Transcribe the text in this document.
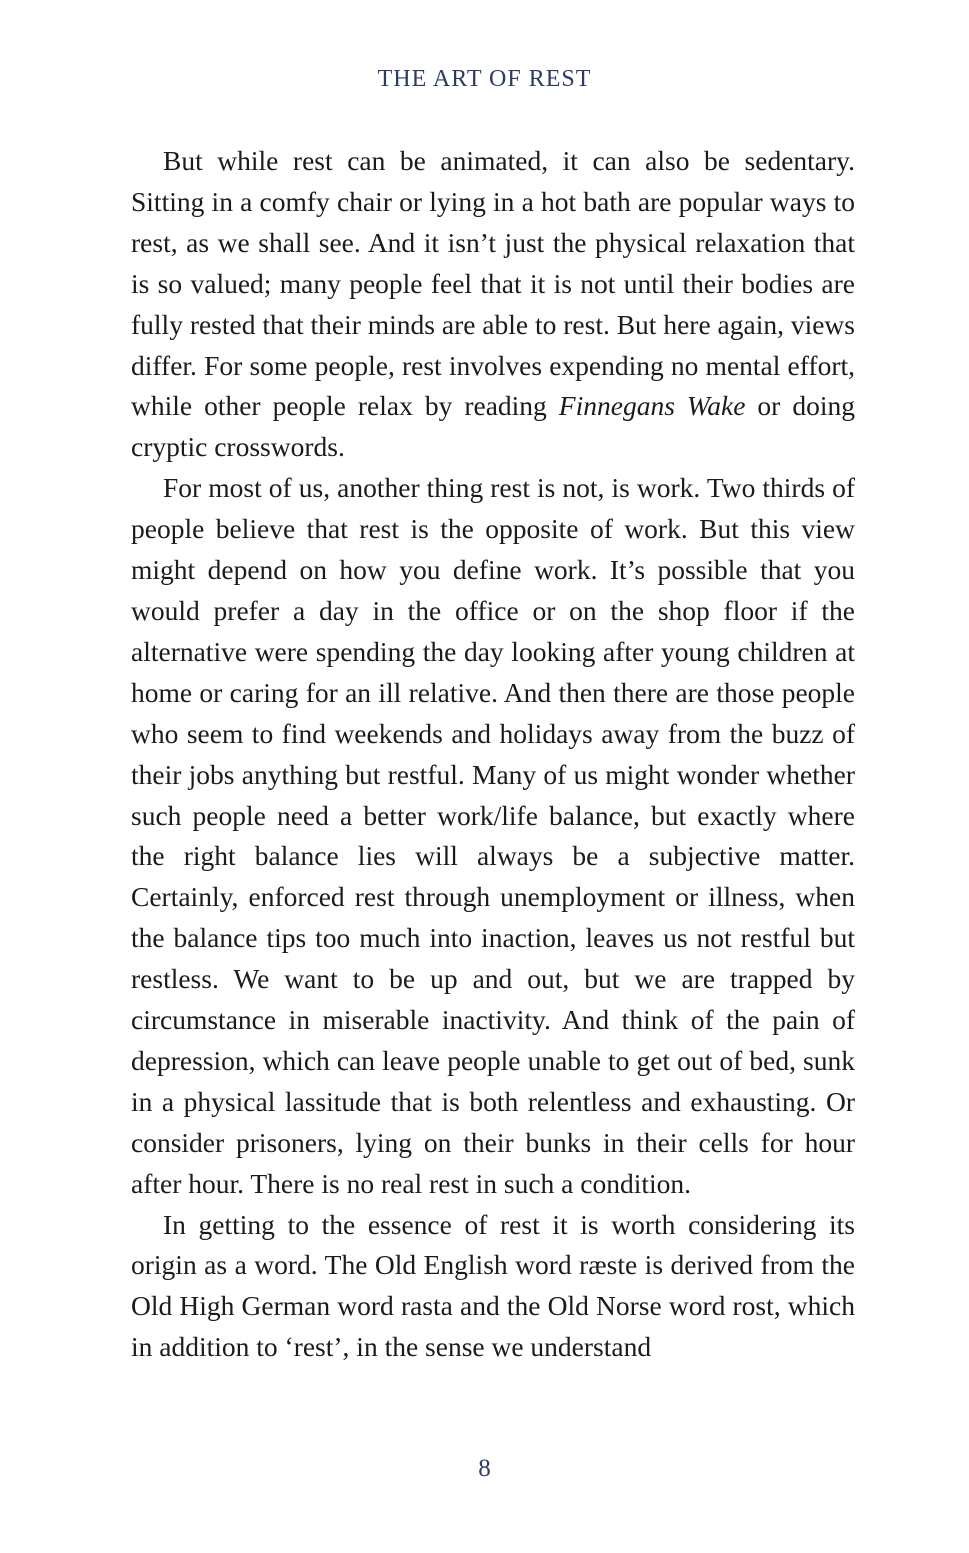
THE ART OF REST

But while rest can be animated, it can also be sedentary. Sitting in a comfy chair or lying in a hot bath are popular ways to rest, as we shall see. And it isn’t just the physical relaxation that is so valued; many people feel that it is not until their bodies are fully rested that their minds are able to rest. But here again, views differ. For some people, rest involves expending no mental effort, while other people relax by reading Finnegans Wake or doing cryptic crosswords.

For most of us, another thing rest is not, is work. Two thirds of people believe that rest is the opposite of work. But this view might depend on how you define work. It’s possible that you would prefer a day in the office or on the shop floor if the alternative were spending the day looking after young children at home or caring for an ill relative. And then there are those people who seem to find weekends and holidays away from the buzz of their jobs anything but restful. Many of us might wonder whether such people need a better work/life balance, but exactly where the right balance lies will always be a subjective matter. Certainly, enforced rest through unemployment or illness, when the balance tips too much into inaction, leaves us not restful but restless. We want to be up and out, but we are trapped by circumstance in miserable inactivity. And think of the pain of depression, which can leave people unable to get out of bed, sunk in a physical lassitude that is both relentless and exhausting. Or consider prisoners, lying on their bunks in their cells for hour after hour. There is no real rest in such a condition.

In getting to the essence of rest it is worth considering its origin as a word. The Old English word ræste is derived from the Old High German word rasta and the Old Norse word rost, which in addition to ‘rest’, in the sense we understand

8
